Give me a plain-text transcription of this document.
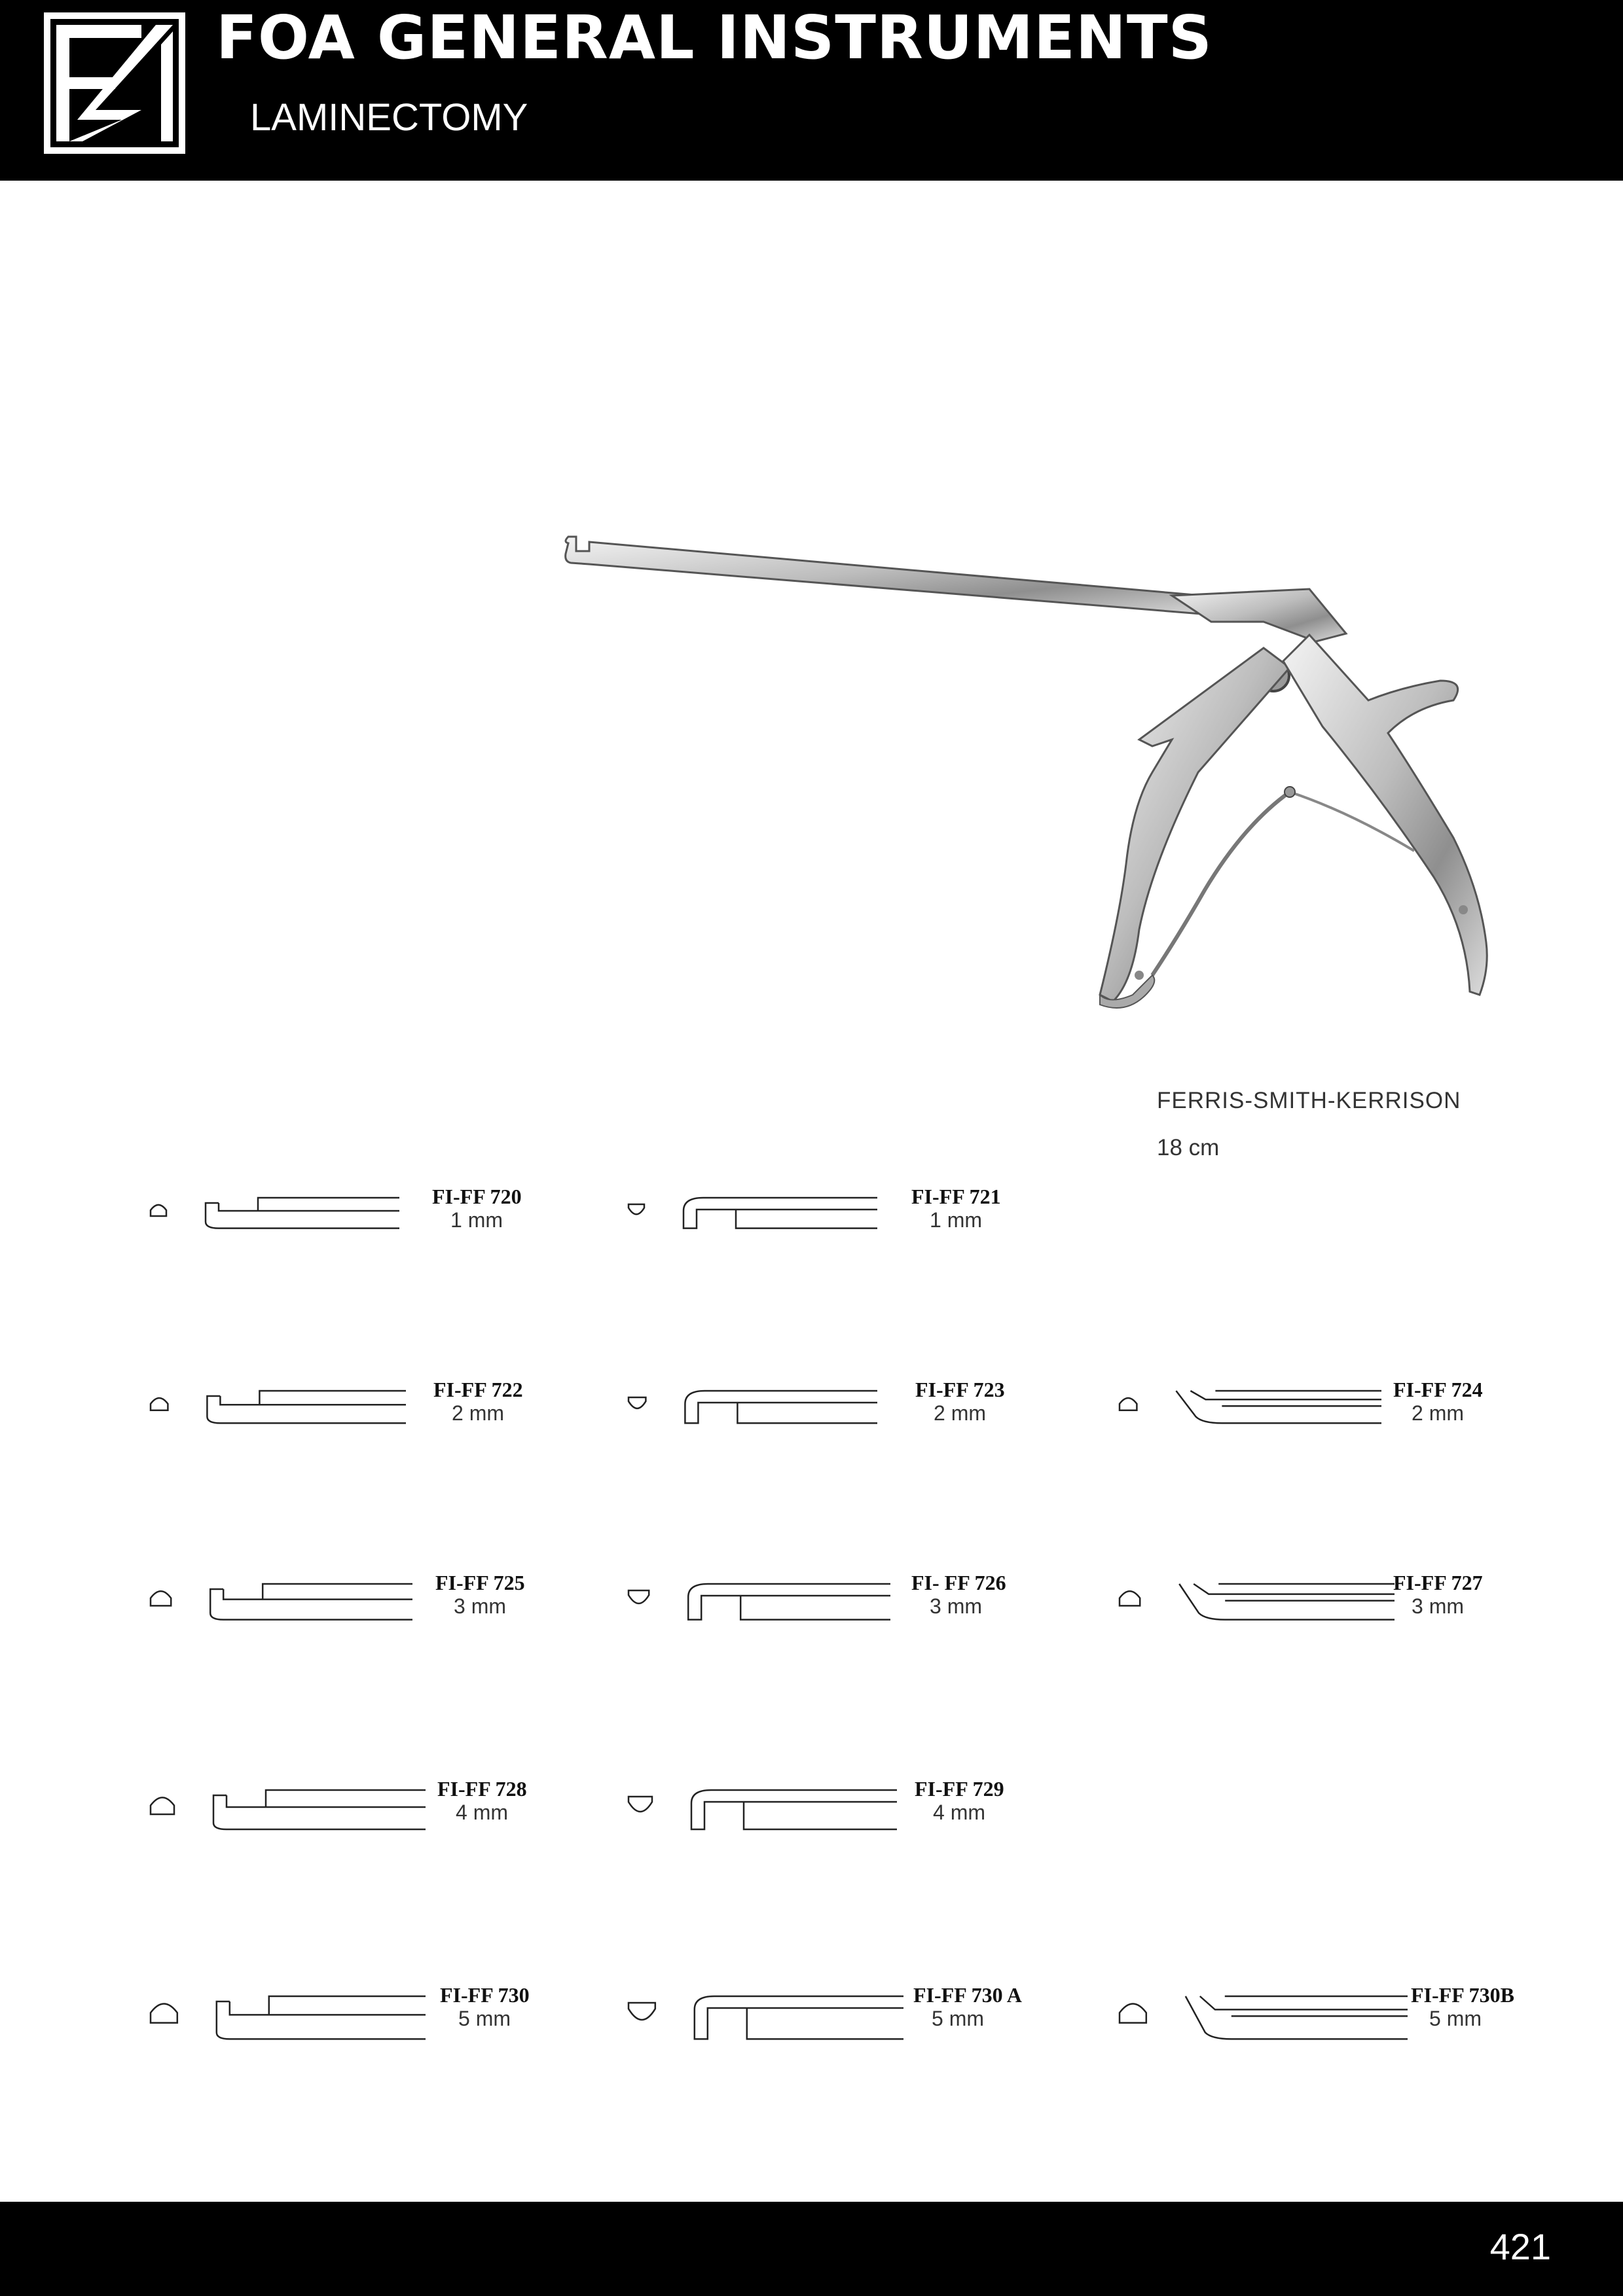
FOA GENERAL INSTRUMENTS
LAMINECTOMY
FERRIS-SMITH-KERRISON
18 cm
FI-FF 720
1 mm
FI-FF 721
1 mm
FI-FF 722
2 mm
FI-FF 723
2 mm
FI-FF 724
2 mm
FI-FF 725
3 mm
FI- FF 726
3 mm
FI-FF 727
3 mm
FI-FF 728
4 mm
FI-FF 729
4 mm
FI-FF 730
5 mm
FI-FF 730 A
5 mm
FI-FF 730B
5 mm
421
